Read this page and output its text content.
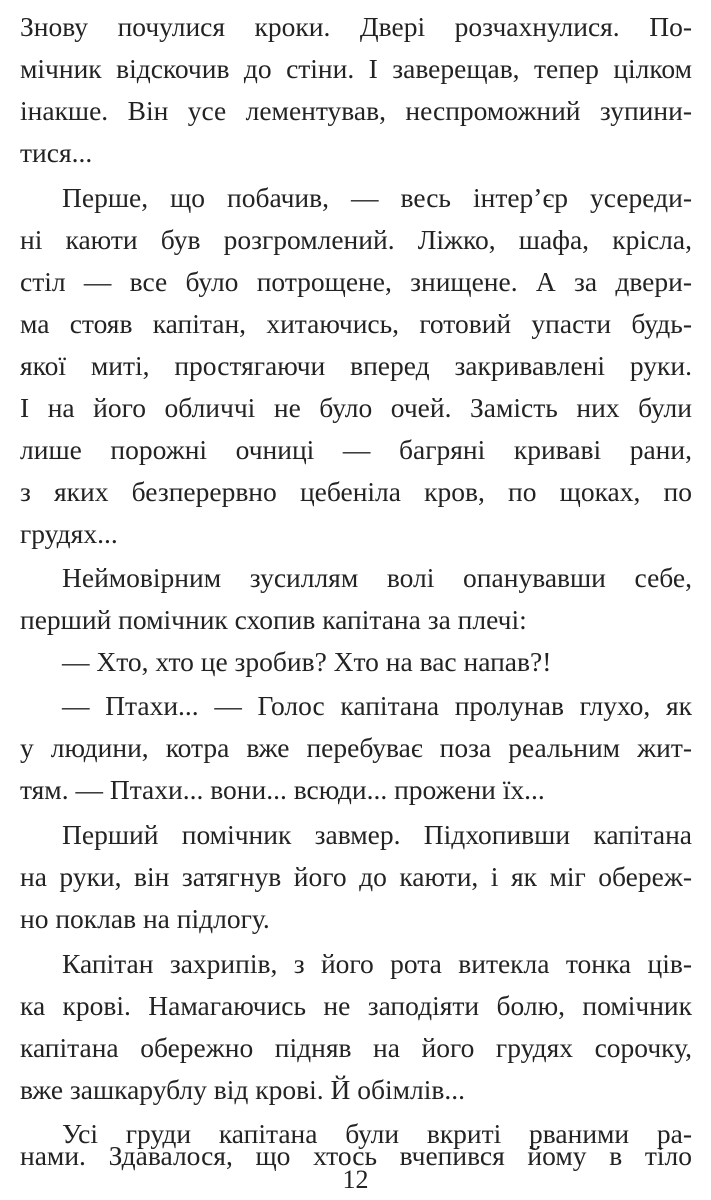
Знову почулися кроки. Двері розчахнулися. По-
мічник відскочив до стіни. І заверещав, тепер цілком
інакше. Він усе лементував, неспроможний зупини-
тися...
Перше, що побачив, — весь інтер’єр усереди-
ні каюти був розгромлений. Ліжко, шафа, крісла,
стіл — все було потрощене, знищене. А за двери-
ма стояв капітан, хитаючись, готовий упасти будь-
якої миті, простягаючи вперед закривавлені руки.
І на його обличчі не було очей. Замість них були
лише порожні очниці — багряні криваві рани,
з яких безперервно цебеніла кров, по щоках, по
грудях...
Неймовірним зусиллям волі опанувавши себе,
перший помічник схопив капітана за плечі:
— Хто, хто це зробив? Хто на вас напав?!
— Птахи... — Голос капітана пролунав глухо, як
у людини, котра вже перебуває поза реальним жит-
тям. — Птахи... вони... всюди... прожени їх...
Перший помічник завмер. Підхопивши капітана
на руки, він затягнув його до каюти, і як міг обереж-
но поклав на підлогу.
Капітан захрипів, з його рота витекла тонка ців-
ка крові. Намагаючись не заподіяти болю, помічник
капітана обережно підняв на його грудях сорочку,
вже зашкарублу від крові. Й обімлів...
Усі груди капітана були вкриті рваними ра-
нами. Здавалося, що хтось вчепився йому в тіло
12
